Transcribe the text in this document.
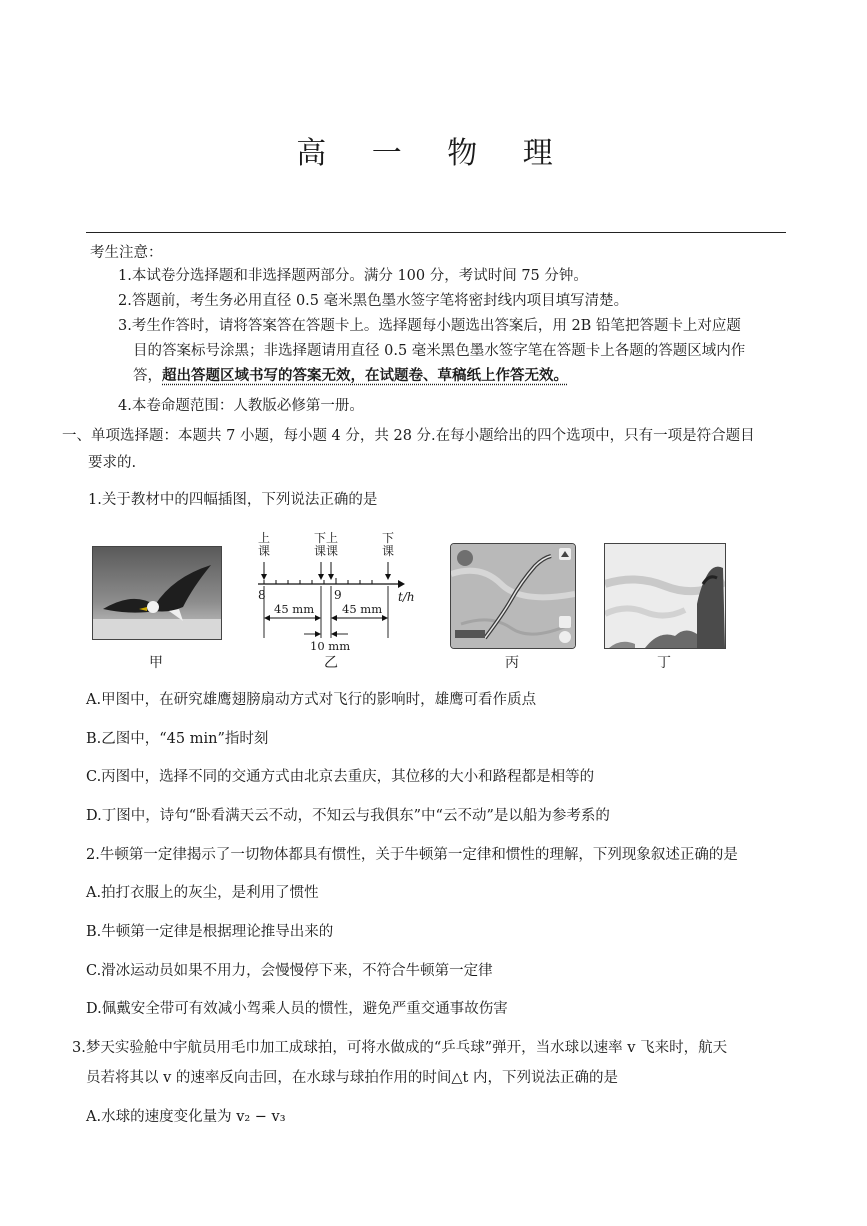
高 一 物 理
考生注意：
1.本试卷分选择题和非选择题两部分。满分 100 分，考试时间 75 分钟。
2.答题前，考生务必用直径 0.5 毫米黑色墨水签字笔将密封线内项目填写清楚。
3.考生作答时，请将答案答在答题卡上。选择题每小题选出答案后，用 2B 铅笔把答题卡上对应题
目的答案标号涂黑；非选择题请用直径 0.5 毫米黑色墨水签字笔在答题卡上各题的答题区域内作
答，超出答题区域书写的答案无效，在试题卷、草稿纸上作答无效。
4.本卷命题范围：人教版必修第一册。
一、单项选择题：本题共 7 小题，每小题 4 分，共 28 分.在每小题给出的四个选项中，只有一项是符合题目
要求的.
1.关于教材中的四幅插图，下列说法正确的是
甲
上课
下上课课
下课
8	9	t/h
45 mm 45 mm
10 mm
乙	丙	丁
A.甲图中，在研究雄鹰翅膀扇动方式对飞行的影响时，雄鹰可看作质点
B.乙图中，“45 min”指时刻
C.丙图中，选择不同的交通方式由北京去重庆，其位移的大小和路程都是相等的
D.丁图中，诗句“卧看满天云不动，不知云与我俱东”中“云不动”是以船为参考系的
2.牛顿第一定律揭示了一切物体都具有惯性，关于牛顿第一定律和惯性的理解，下列现象叙述正确的是
A.拍打衣服上的灰尘，是利用了惯性
B.牛顿第一定律是根据理论推导出来的
C.滑冰运动员如果不用力，会慢慢停下来，不符合牛顿第一定律
D.佩戴安全带可有效减小驾乘人员的惯性，避免严重交通事故伤害
3.梦天实验舱中宇航员用毛巾加工成球拍，可将水做成的“乒乓球”弹开，当水球以速率 v 飞来时，航天
员若将其以 v 的速率反向击回，在水球与球拍作用的时间△t 内，下列说法正确的是
A.水球的速度变化量为 v₂ − v₃
